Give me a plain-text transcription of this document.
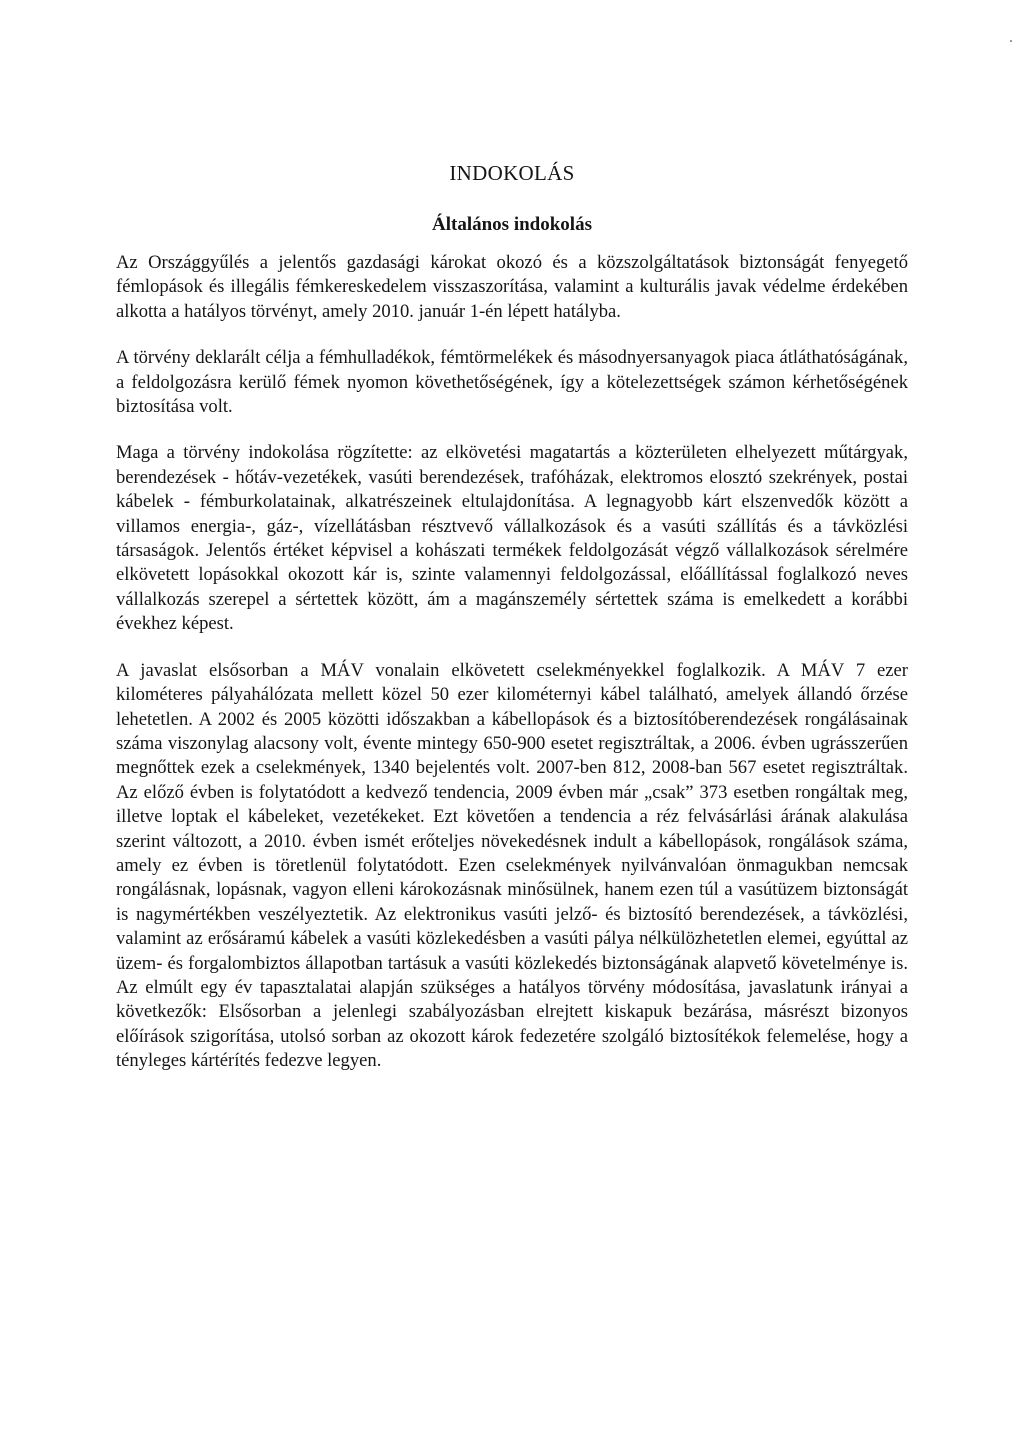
INDOKOLÁS
Általános indokolás

Az Országgyűlés a jelentős gazdasági károkat okozó és a közszolgáltatások biztonságát fenyegető fémlopások és illegális fémkereskedelem visszaszorítása, valamint a kulturális javak védelme érdekében alkotta a hatályos törvényt, amely 2010. január 1-én lépett hatályba.

A törvény deklarált célja a fémhulladékok, fémtörmelékek és másodnyersanyagok piaca átláthatóságának, a feldolgozásra kerülő fémek nyomon követhetőségének, így a kötelezettségek számon kérhetőségének biztosítása volt.

Maga a törvény indokolása rögzítette: az elkövetési magatartás a közterületen elhelyezett műtárgyak, berendezések - hőtáv-vezetékek, vasúti berendezések, trafóházak, elektromos elosztó szekrények, postai kábelek - fémburkolatainak, alkatrészeinek eltulajdonítása. A legnagyobb kárt elszenvedők között a villamos energia-, gáz-, vízellátásban résztvevő vállalkozások és a vasúti szállítás és a távközlési társaságok. Jelentős értéket képvisel a kohászati termékek feldolgozását végző vállalkozások sérelmére elkövetett lopásokkal okozott kár is, szinte valamennyi feldolgozással, előállítással foglalkozó neves vállalkozás szerepel a sértettek között, ám a magánszemély sértettek száma is emelkedett a korábbi évekhez képest.

A javaslat elsősorban a MÁV vonalain elkövetett cselekményekkel foglalkozik. A MÁV 7 ezer kilométeres pályahálózata mellett közel 50 ezer kilométernyi kábel található, amelyek állandó őrzése lehetetlen. A 2002 és 2005 közötti időszakban a kábellopások és a biztosítóberendezések rongálásainak száma viszonylag alacsony volt, évente mintegy 650-900 esetet regisztráltak, a 2006. évben ugrásszerűen megnőttek ezek a cselekmények, 1340 bejelentés volt. 2007-ben 812, 2008-ban 567 esetet regisztráltak. Az előző évben is folytatódott a kedvező tendencia, 2009 évben már „csak” 373 esetben rongáltak meg, illetve loptak el kábeleket, vezetékeket. Ezt követően a tendencia a réz felvásárlási árának alakulása szerint változott, a 2010. évben ismét erőteljes növekedésnek indult a kábellopások, rongálások száma, amely ez évben is töretlenül folytatódott. Ezen cselekmények nyilvánvalóan önmagukban nemcsak rongálásnak, lopásnak, vagyon elleni károkozásnak minősülnek, hanem ezen túl a vasútüzem biztonságát is nagymértékben veszélyeztetik. Az elektronikus vasúti jelző- és biztosító berendezések, a távközlési, valamint az erősáramú kábelek a vasúti közlekedésben a vasúti pálya nélkülözhetetlen elemei, egyúttal az üzem- és forgalombiztos állapotban tartásuk a vasúti közlekedés biztonságának alapvető követelménye is. Az elmúlt egy év tapasztalatai alapján szükséges a hatályos törvény módosítása, javaslatunk irányai a következők: Elsősorban a jelenlegi szabályozásban elrejtett kiskapuk bezárása, másrészt bizonyos előírások szigorítása, utolsó sorban az okozott károk fedezetére szolgáló biztosítékok felemelése, hogy a tényleges kártérítés fedezve legyen.
